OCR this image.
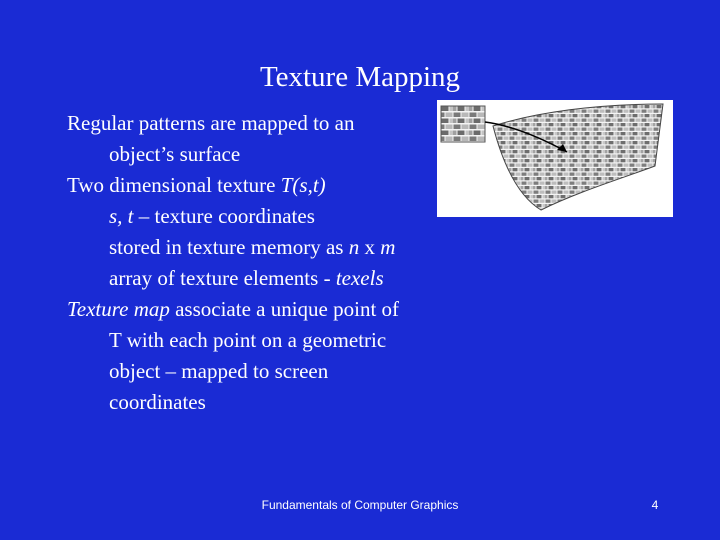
Texture Mapping
Regular patterns are mapped to an
object’s surface
Two dimensional texture T(s,t)
s, t – texture coordinates
stored in texture memory as n x m
array of texture elements - texels
Texture map associate a unique point of
T with each point on a geometric
object – mapped to screen
coordinates
Fundamentals of Computer Graphics	4
